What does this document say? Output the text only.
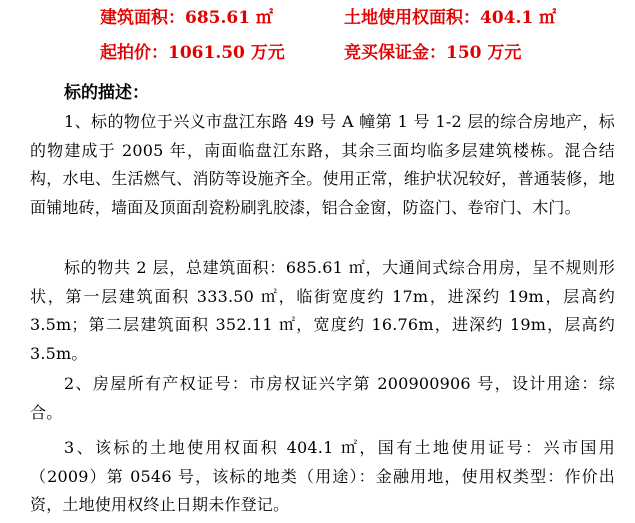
建筑面积：685.61 ㎡	土地使用权面积：404.1 ㎡
起拍价：1061.50 万元	竞买保证金：150 万元
标的描述：

1、标的物位于兴义市盘江东路 49 号 A 幢第 1 号 1-2 层的综合房地产，标的物建成于 2005 年，南面临盘江东路，其余三面均临多层建筑楼栋。混合结构，水电、生活燃气、消防等设施齐全。使用正常，维护状况较好，普通装修，地面铺地砖，墙面及顶面刮瓷粉刷乳胶漆，铝合金窗，防盗门、卷帘门、木门。

标的物共 2 层，总建筑面积：685.61 ㎡，大通间式综合用房，呈不规则形状，第一层建筑面积 333.50 ㎡，临街宽度约 17m，进深约 19m，层高约 3.5m；第二层建筑面积 352.11 ㎡，宽度约 16.76m，进深约 19m，层高约 3.5m。

2、房屋所有产权证号：市房权证兴字第 200900906 号，设计用途：综合。

3、该标的土地使用权面积 404.1 ㎡，国有土地使用证号：兴市国用（2009）第 0546 号，该标的地类（用途）：金融用地，使用权类型：作价出资，土地使用权终止日期未作登记。
